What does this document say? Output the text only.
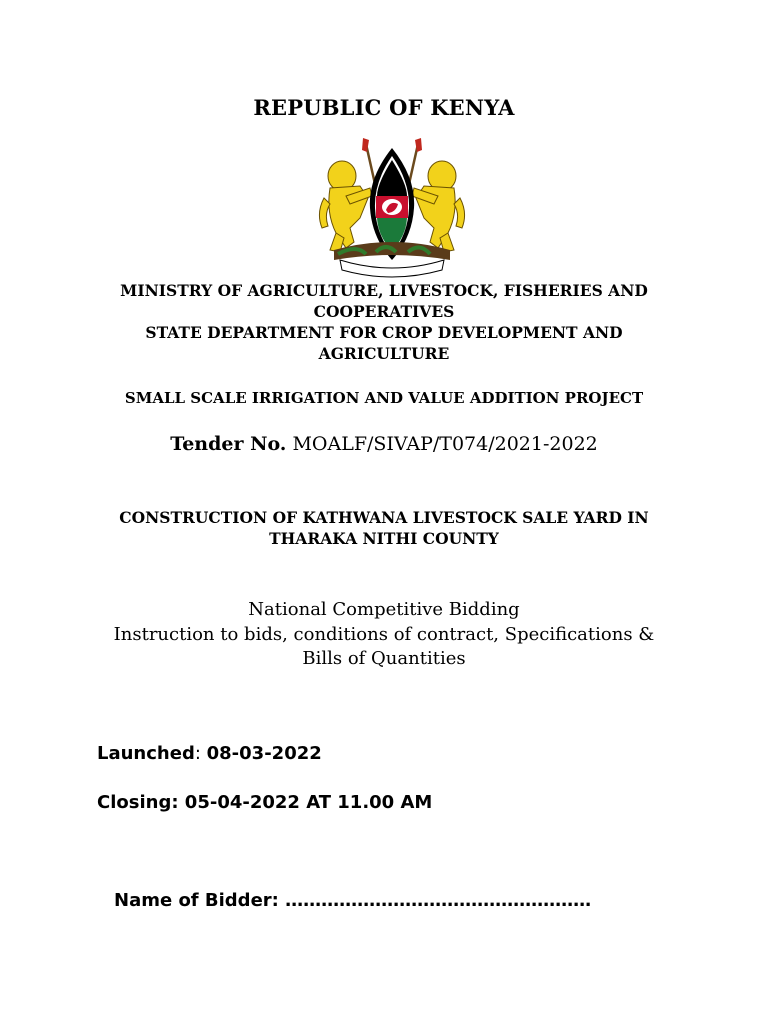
REPUBLIC OF KENYA
MINISTRY OF AGRICULTURE, LIVESTOCK, FISHERIES AND
COOPERATIVES
STATE DEPARTMENT FOR CROP DEVELOPMENT AND
AGRICULTURE
SMALL SCALE IRRIGATION AND VALUE ADDITION PROJECT
Tender No. MOALF/SIVAP/T074/2021-2022
CONSTRUCTION OF KATHWANA LIVESTOCK SALE YARD IN
THARAKA NITHI COUNTY
National Competitive Bidding
Instruction to bids, conditions of contract, Specifications &
Bills of Quantities
Launched: 08-03-2022
Closing: 05-04-2022 AT 11.00 AM
Name of Bidder: ……………………………………………
